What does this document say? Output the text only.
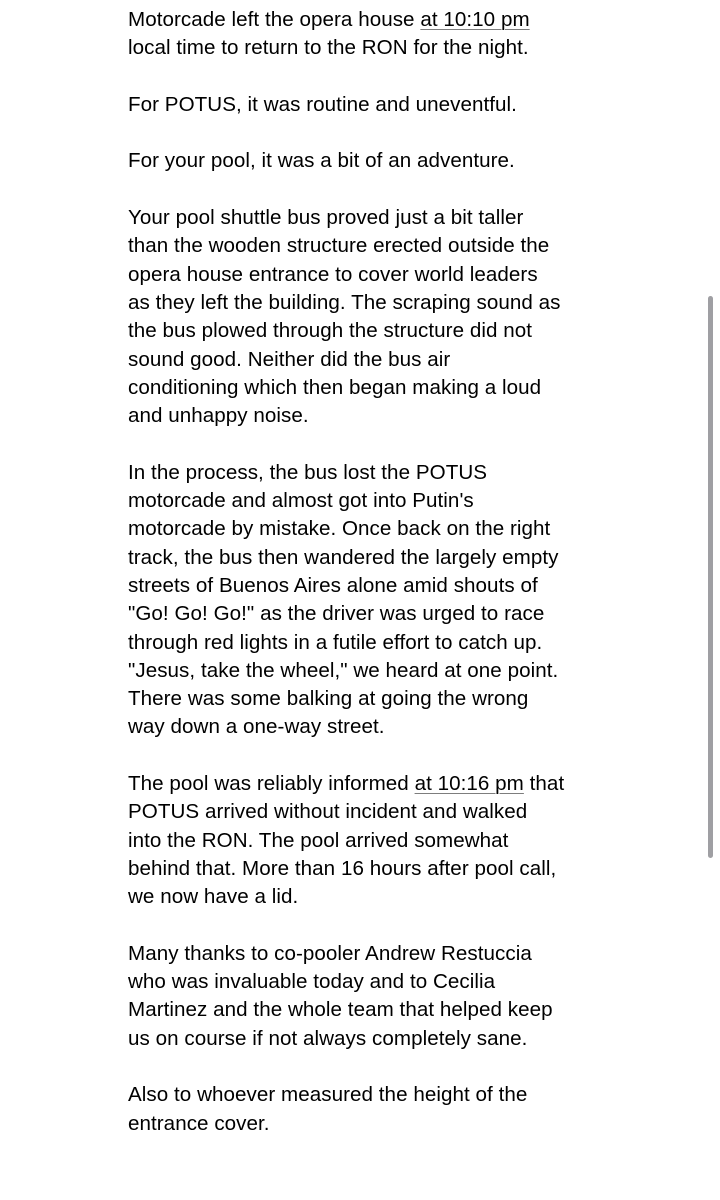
Motorcade left the opera house at 10:10 pm
local time to return to the RON for the night.

For POTUS, it was routine and uneventful.

For your pool, it was a bit of an adventure.

Your pool shuttle bus proved just a bit taller
than the wooden structure erected outside the
opera house entrance to cover world leaders
as they left the building. The scraping sound as
the bus plowed through the structure did not
sound good. Neither did the bus air
conditioning which then began making a loud
and unhappy noise.

In the process, the bus lost the POTUS
motorcade and almost got into Putin's
motorcade by mistake. Once back on the right
track, the bus then wandered the largely empty
streets of Buenos Aires alone amid shouts of
"Go! Go! Go!" as the driver was urged to race
through red lights in a futile effort to catch up.
"Jesus, take the wheel," we heard at one point.
There was some balking at going the wrong
way down a one-way street.

The pool was reliably informed at 10:16 pm that
POTUS arrived without incident and walked
into the RON. The pool arrived somewhat
behind that. More than 16 hours after pool call,
we now have a lid.

Many thanks to co-pooler Andrew Restuccia
who was invaluable today and to Cecilia
Martinez and the whole team that helped keep
us on course if not always completely sane.

Also to whoever measured the height of the
entrance cover.
